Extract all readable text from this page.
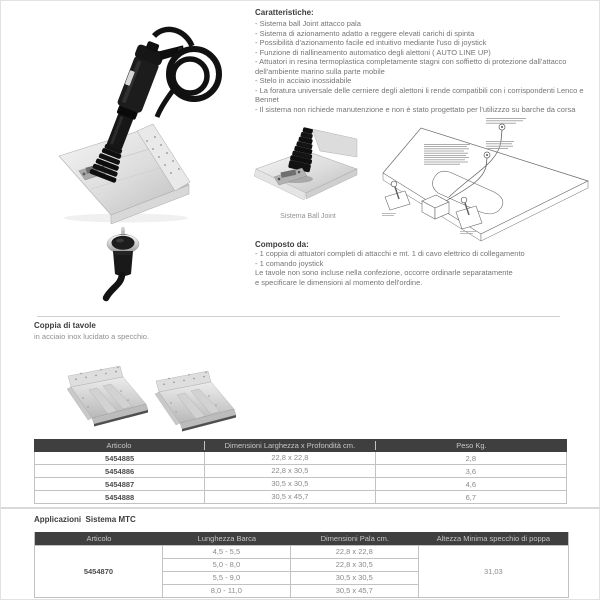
Caratteristiche:
- Sistema ball Joint attacco pala
- Sistema di azionamento adatto a reggere elevati carichi di spinta
- Possibilità d'azionamento facile ed intuitivo mediante l'uso di joystick
- Funzione di riallineamento automatico degli alettoni ( AUTO LINE UP)
- Attuatori in resina termoplastica completamente stagni con soffietto di protezione dall'attacco dell'ambiente marino sulla parte mobile
- Stelo in acciaio inossidabile
- La foratura universale delle cerniere degli alettoni li rende compatibili con i corrispondenti Lenco e Bennet
- Il sistema non richiede manutenzione e non è stato progettato per l'utilizzzo su barche da corsa
Sistema Ball Joint
Composto da:
- 1 coppia di attuatori completi di attacchi e mt. 1 di cavo elettrico di collegamento
- 1 comando joystick
Le tavole non sono incluse nella confezione, occorre ordinarle separatamente e specificare le dimensioni al momento dell'ordine.
Coppia di tavole
in acciaio inox lucidato a specchio.
Articolo	Dimensioni Larghezza x Profondità cm.	Peso Kg.
5454885	22,8 x 22,8	2,8
5454886	22,8 x 30,5	3,6
5454887	30,5 x 30,5	4,6
5454888	30,5 x 45,7	6,7
Applicazioni  Sistema MTC
Articolo	Lunghezza Barca	Dimensioni Pala cm.	Altezza Minima specchio di poppa
5454870
4,5 - 5,5	22,8 x 22,8
5,0 - 8,0	22,8 x 30,5
5,5 - 9,0	30,5 x 30,5
8,0 - 11,0	30,5 x 45,7
31,03
